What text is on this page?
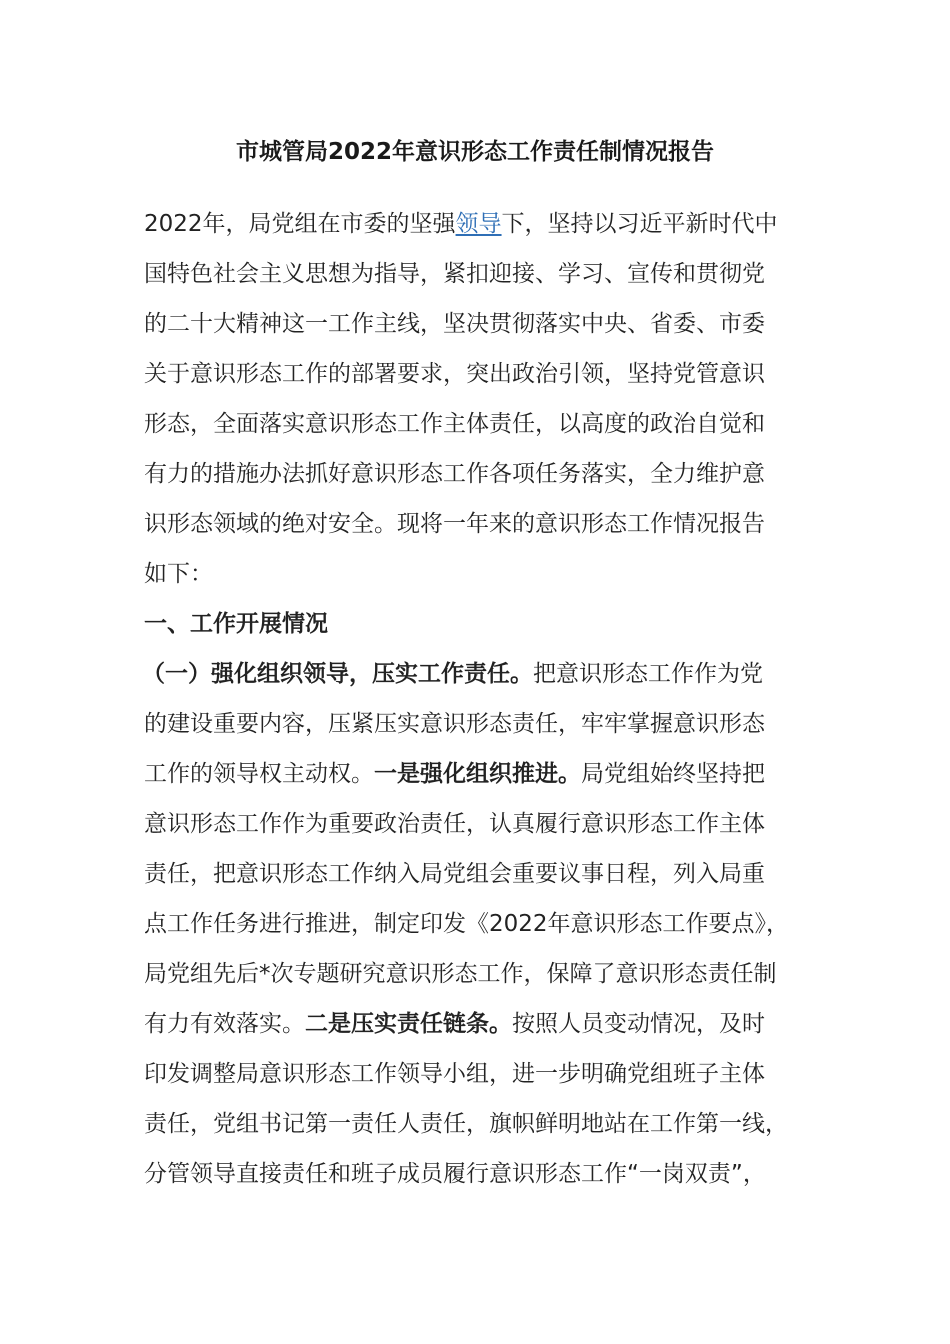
市城管局2022年意识形态工作责任制情况报告
2022年，局党组在市委的坚强领导下，坚持以习近平新时代中
国特色社会主义思想为指导，紧扣迎接、学习、宣传和贯彻党
的二十大精神这一工作主线，坚决贯彻落实中央、省委、市委
关于意识形态工作的部署要求，突出政治引领，坚持党管意识
形态，全面落实意识形态工作主体责任，以高度的政治自觉和
有力的措施办法抓好意识形态工作各项任务落实，全力维护意
识形态领域的绝对安全。现将一年来的意识形态工作情况报告
如下：
一、工作开展情况
（一）强化组织领导，压实工作责任。把意识形态工作作为党
的建设重要内容，压紧压实意识形态责任，牢牢掌握意识形态
工作的领导权主动权。一是强化组织推进。局党组始终坚持把
意识形态工作作为重要政治责任，认真履行意识形态工作主体
责任，把意识形态工作纳入局党组会重要议事日程，列入局重
点工作任务进行推进，制定印发《2022年意识形态工作要点》，
局党组先后*次专题研究意识形态工作，保障了意识形态责任制
有力有效落实。二是压实责任链条。按照人员变动情况，及时
印发调整局意识形态工作领导小组，进一步明确党组班子主体
责任，党组书记第一责任人责任，旗帜鲜明地站在工作第一线，
分管领导直接责任和班子成员履行意识形态工作“一岗双责”，
